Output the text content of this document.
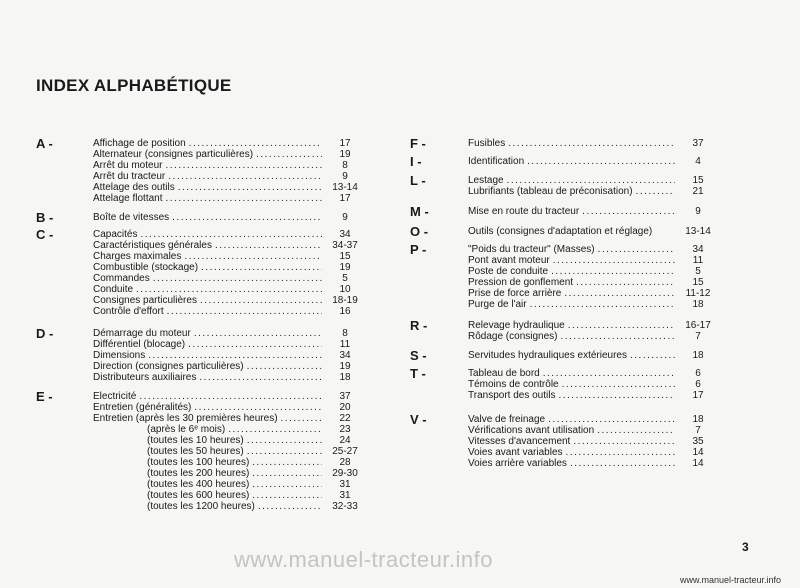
INDEX ALPHABÉTIQUE
A -	Affichage de position .....	17
Alternateur (consignes particulières) .....	19
Arrêt du moteur .....	8
Arrêt du tracteur .....	9
Attelage des outils .....	13-14
Attelage flottant .....	17
B -	Boîte de vitesses .....	9
C -	Capacités .....	34
Caractéristiques générales .....	34-37
Charges maximales .....	15
Combustible (stockage) .....	19
Commandes .....	5
Conduite .....	10
Consignes particulières .....	18-19
Contrôle d'effort .....	16
D -	Démarrage du moteur .....	8
Différentiel (blocage) .....	11
Dimensions .....	34
Direction (consignes particulières) .....	19
Distributeurs auxiliaires .....	18
E -	Electricité .....	37
Entretien (généralités) .....	20
Entretien (après les 30 premières heures) .....	22
(après le 6ᵉ mois) .....	23
(toutes les 10 heures) .....	24
(toutes les 50 heures) .....	25-27
(toutes les 100 heures) .....	28
(toutes les 200 heures) .....	29-30
(toutes les 400 heures) .....	31
(toutes les 600 heures) .....	31
(toutes les 1200 heures) .....	32-33
F -	Fusibles .....	37
I -	Identification .....	4
L -	Lestage .....	15
Lubrifiants (tableau de préconisation) .....	21
M -	Mise en route du tracteur .....	9
O -	Outils (consignes d'adaptation et réglage)	13-14
P -	"Poids du tracteur" (Masses) .....	34
Pont avant moteur .....	11
Poste de conduite .....	5
Pression de gonflement .....	15
Prise de force arrière .....	11-12
Purge de l'air .....	18
R -	Relevage hydraulique .....	16-17
Rôdage (consignes) .....	7
S -	Servitudes hydrauliques extérieures .....	18
T -	Tableau de bord .....	6
Témoins de contrôle .....	6
Transport des outils .....	17
V -	Valve de freinage .....	18
Vérifications avant utilisation .....	7
Vitesses d'avancement .....	35
Voies avant variables .....	14
Voies arrière variables .....	14
3
www.manuel-tracteur.info
www.manuel-tracteur.info
